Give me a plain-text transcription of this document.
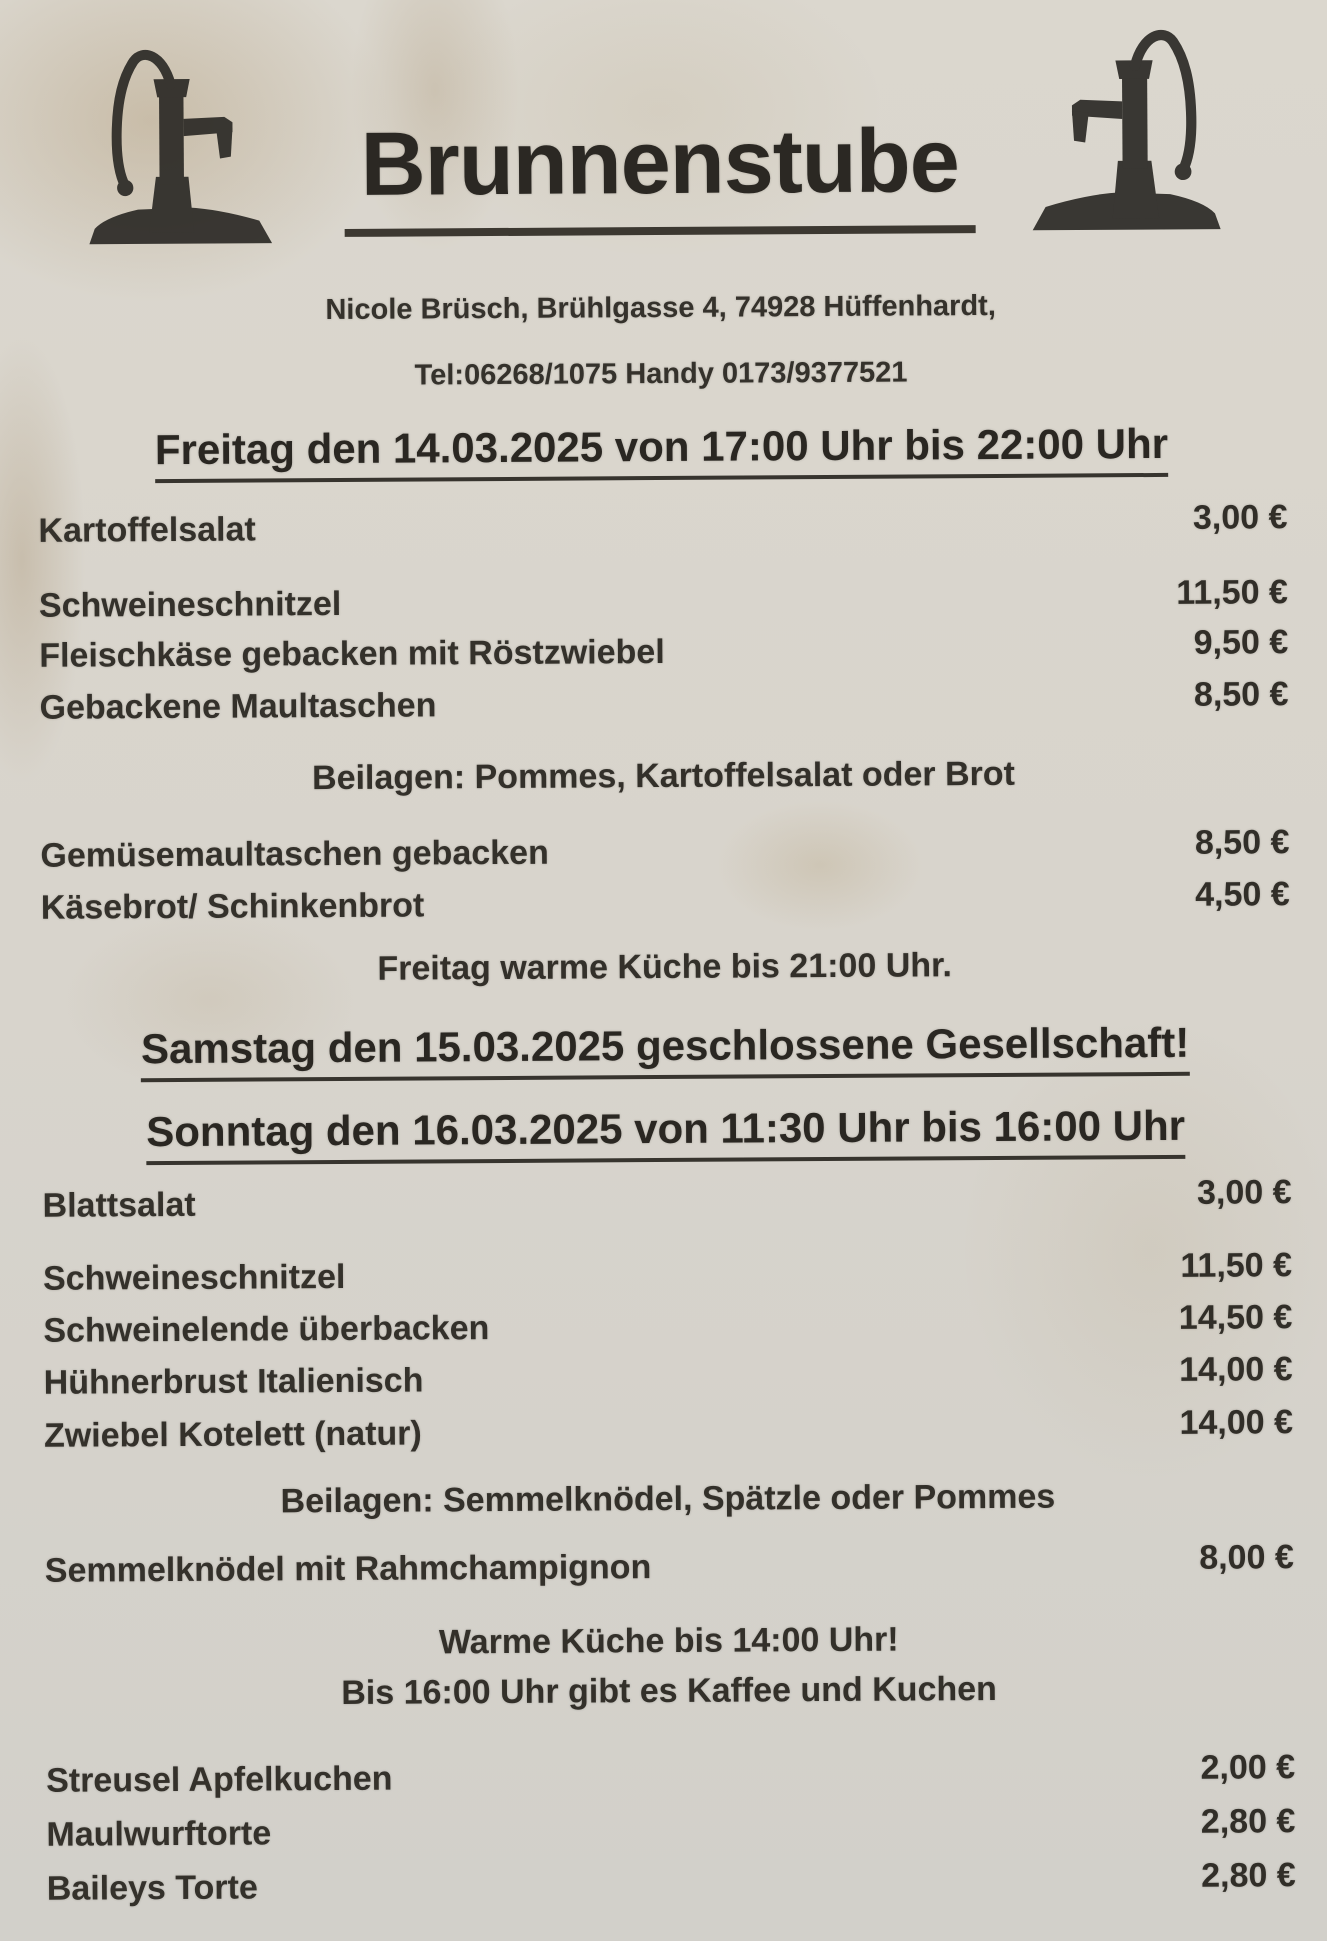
Brunnenstube
Nicole Brüsch, Brühlgasse 4, 74928 Hüffenhardt,
Tel:06268/1075 Handy 0173/9377521
Freitag den 14.03.2025 von 17:00 Uhr bis 22:00 Uhr
Kartoffelsalat	3,00 €
Schweineschnitzel	11,50 €
Fleischkäse gebacken mit Röstzwiebel	9,50 €
Gebackene Maultaschen	8,50 €
Beilagen: Pommes, Kartoffelsalat oder Brot
Gemüsemaultaschen gebacken	8,50 €
Käsebrot/ Schinkenbrot	4,50 €
Freitag warme Küche bis 21:00 Uhr.
Samstag den 15.03.2025 geschlossene Gesellschaft!
Sonntag den 16.03.2025 von 11:30 Uhr bis 16:00 Uhr
Blattsalat	3,00 €
Schweineschnitzel	11,50 €
Schweinelende überbacken	14,50 €
Hühnerbrust Italienisch	14,00 €
Zwiebel Kotelett (natur)	14,00 €
Beilagen: Semmelknödel, Spätzle oder Pommes
Semmelknödel mit Rahmchampignon	8,00 €
Warme Küche bis 14:00 Uhr!
Bis 16:00 Uhr gibt es Kaffee und Kuchen
Streusel Apfelkuchen	2,00 €
Maulwurftorte	2,80 €
Baileys Torte	2,80 €
